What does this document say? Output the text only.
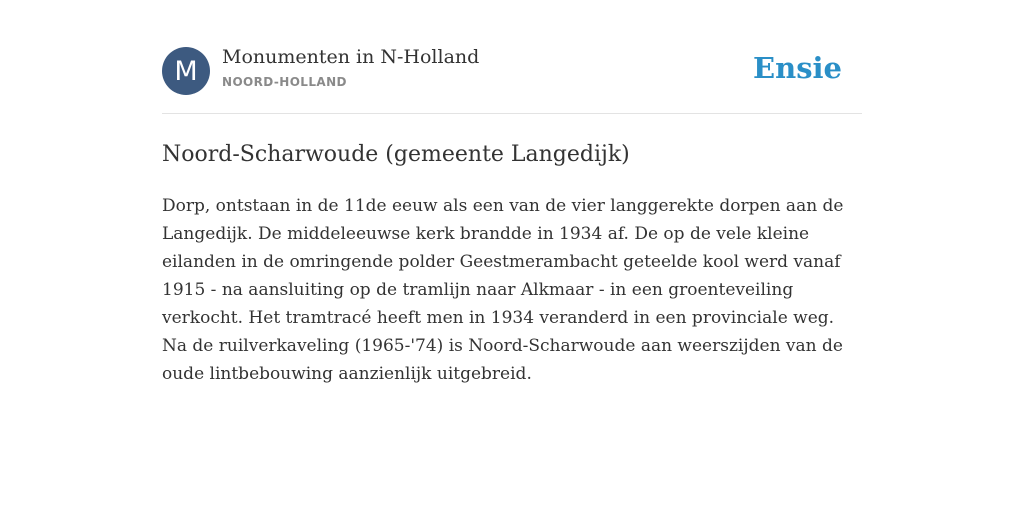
M	Monumenten in N-Holland
NOORD-HOLLAND	Ensie
Noord-Scharwoude (gemeente Langedijk)

Dorp, ontstaan in de 11de eeuw als een van de vier langgerekte dorpen aan de Langedijk. De middeleeuwse kerk brandde in 1934 af. De op de vele kleine eilanden in de omringende polder Geestmerambacht geteelde kool werd vanaf 1915 - na aansluiting op de tramlijn naar Alkmaar - in een groenteveiling verkocht. Het tramtracé heeft men in 1934 veranderd in een provinciale weg. Na de ruilverkaveling (1965-'74) is Noord-Scharwoude aan weerszijden van de oude lintbebouwing aanzienlijk uitgebreid.
